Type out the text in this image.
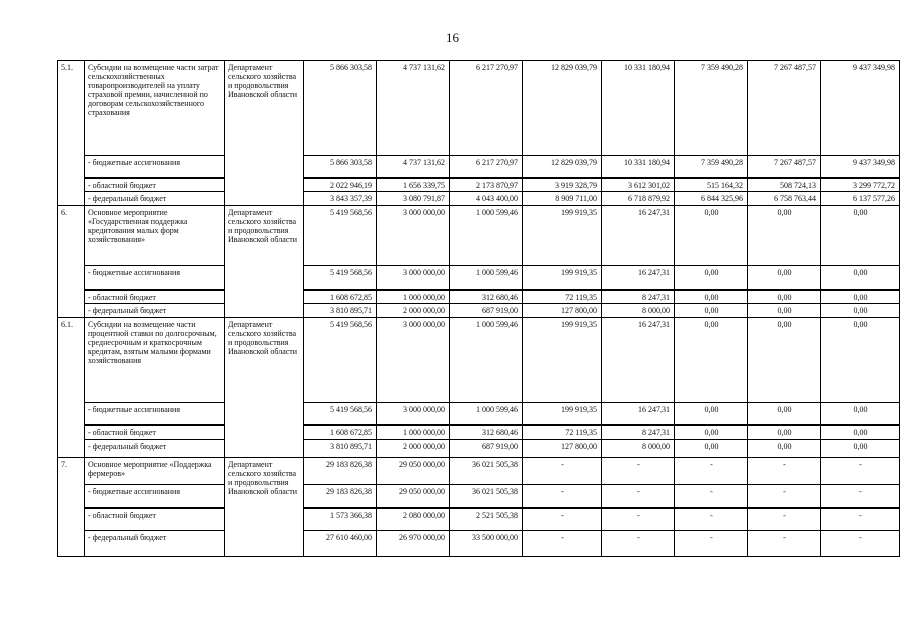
16
5.1.	Субсидии на возмещение части затрат сельскохозяйственных товаропроизводителей на уплату страховой премии, начисленной по договорам сельскохозяйственного страхования	Департамент сельского хозяйства и продовольствия Ивановской области	5 866 303,58	4 737 131,62	6 217 270,97	12 829 039,79	10 331 180,94	7 359 490,28	7 267 487,57	9 437 349,98
	- бюджетные ассигнования		5 866 303,58	4 737 131,62	6 217 270,97	12 829 039,79	10 331 180,94	7 359 490,28	7 267 487,57	9 437 349,98
	- областной бюджет		2 022 946,19	1 656 339,75	2 173 870,97	3 919 328,79	3 612 301,02	515 164,32	508 724,13	3 299 772,72
	- федеральный бюджет		3 843 357,39	3 080 791,87	4 043 400,00	8 909 711,00	6 718 879,92	6 844 325,96	6 758 763,44	6 137 577,26
6.	Основное мероприятие «Государственная поддержка кредитования малых форм хозяйствования»	Департамент сельского хозяйства и продовольствия Ивановской области	5 419 568,56	3 000 000,00	1 000 599,46	199 919,35	16 247,31	0,00	0,00	0,00
	- бюджетные ассигнования		5 419 568,56	3 000 000,00	1 000 599,46	199 919,35	16 247,31	0,00	0,00	0,00
	- областной бюджет		1 608 672,85	1 000 000,00	312 680,46	72 119,35	8 247,31	0,00	0,00	0,00
	- федеральный бюджет		3 810 895,71	2 000 000,00	687 919,00	127 800,00	8 000,00	0,00	0,00	0,00
6.1.	Субсидии на возмещение части процентной ставки по долгосрочным, среднесрочным и краткосрочным кредитам, взятым малыми формами хозяйствования	Департамент сельского хозяйства и продовольствия Ивановской области	5 419 568,56	3 000 000,00	1 000 599,46	199 919,35	16 247,31	0,00	0,00	0,00
	- бюджетные ассигнования		5 419 568,56	3 000 000,00	1 000 599,46	199 919,35	16 247,31	0,00	0,00	0,00
	- областной бюджет		1 608 672,85	1 000 000,00	312 680,46	72 119,35	8 247,31	0,00	0,00	0,00
	- федеральный бюджет		3 810 895,71	2 000 000,00	687 919,00	127 800,00	8 000,00	0,00	0,00	0,00
7.	Основное мероприятие «Поддержка фермеров»	Департамент сельского хозяйства и продовольствия Ивановской области	29 183 826,38	29 050 000,00	36 021 505,38	-	-	-	-	-
	- бюджетные ассигнования		29 183 826,38	29 050 000,00	36 021 505,38	-	-	-	-	-
	- областной бюджет		1 573 366,38	2 080 000,00	2 521 505,38	-	-	-	-	-
	- федеральный бюджет		27 610 460,00	26 970 000,00	33 500 000,00	-	-	-	-	-
